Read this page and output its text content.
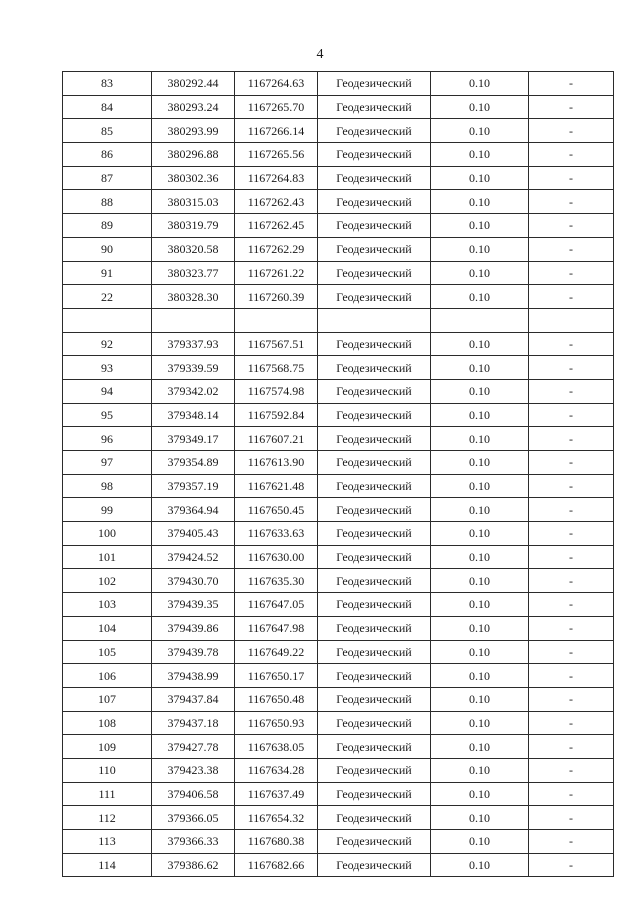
4
83	380292.44	1167264.63	Геодезический	0.10	-
84	380293.24	1167265.70	Геодезический	0.10	-
85	380293.99	1167266.14	Геодезический	0.10	-
86	380296.88	1167265.56	Геодезический	0.10	-
87	380302.36	1167264.83	Геодезический	0.10	-
88	380315.03	1167262.43	Геодезический	0.10	-
89	380319.79	1167262.45	Геодезический	0.10	-
90	380320.58	1167262.29	Геодезический	0.10	-
91	380323.77	1167261.22	Геодезический	0.10	-
22	380328.30	1167260.39	Геодезический	0.10	-

92	379337.93	1167567.51	Геодезический	0.10	-
93	379339.59	1167568.75	Геодезический	0.10	-
94	379342.02	1167574.98	Геодезический	0.10	-
95	379348.14	1167592.84	Геодезический	0.10	-
96	379349.17	1167607.21	Геодезический	0.10	-
97	379354.89	1167613.90	Геодезический	0.10	-
98	379357.19	1167621.48	Геодезический	0.10	-
99	379364.94	1167650.45	Геодезический	0.10	-
100	379405.43	1167633.63	Геодезический	0.10	-
101	379424.52	1167630.00	Геодезический	0.10	-
102	379430.70	1167635.30	Геодезический	0.10	-
103	379439.35	1167647.05	Геодезический	0.10	-
104	379439.86	1167647.98	Геодезический	0.10	-
105	379439.78	1167649.22	Геодезический	0.10	-
106	379438.99	1167650.17	Геодезический	0.10	-
107	379437.84	1167650.48	Геодезический	0.10	-
108	379437.18	1167650.93	Геодезический	0.10	-
109	379427.78	1167638.05	Геодезический	0.10	-
110	379423.38	1167634.28	Геодезический	0.10	-
111	379406.58	1167637.49	Геодезический	0.10	-
112	379366.05	1167654.32	Геодезический	0.10	-
113	379366.33	1167680.38	Геодезический	0.10	-
114	379386.62	1167682.66	Геодезический	0.10	-
